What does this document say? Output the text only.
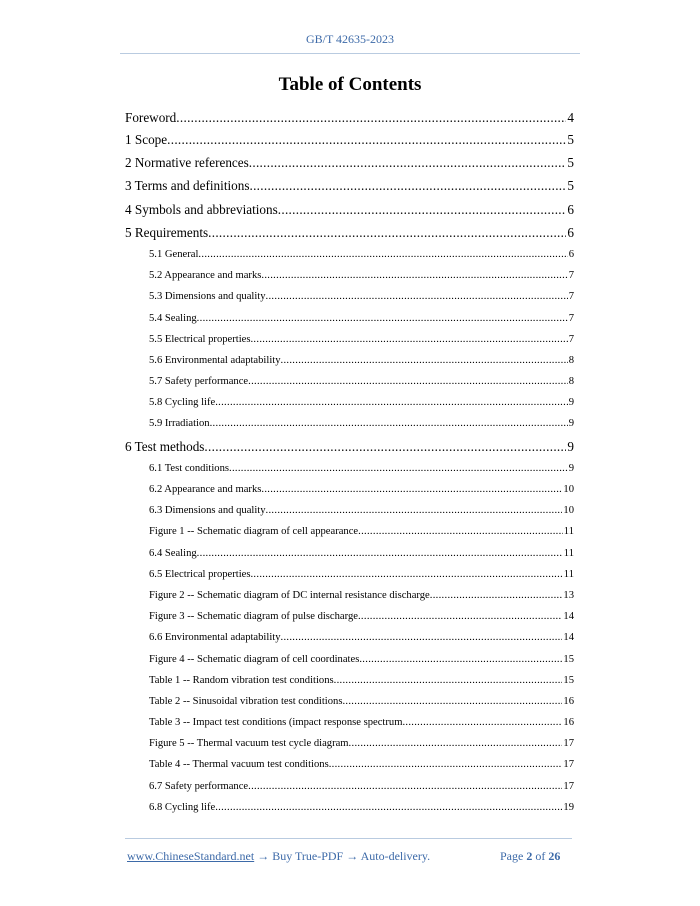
GB/T 42635-2023
Table of Contents
Foreword .....	4
1 Scope .....	5
2 Normative references .....	5
3 Terms and definitions .....	5
4 Symbols and abbreviations .....	6
5 Requirements .....	6
5.1 General .....	6
5.2 Appearance and marks .....	7
5.3 Dimensions and quality .....	7
5.4 Sealing .....	7
5.5 Electrical properties .....	7
5.6 Environmental adaptability .....	8
5.7 Safety performance .....	8
5.8 Cycling life .....	9
5.9 Irradiation .....	9
6 Test methods .....	9
6.1 Test conditions .....	9
6.2 Appearance and marks .....	10
6.3 Dimensions and quality .....	10
Figure 1 -- Schematic diagram of cell appearance .....	11
6.4 Sealing .....	11
6.5 Electrical properties .....	11
Figure 2 -- Schematic diagram of DC internal resistance discharge .....	13
Figure 3 -- Schematic diagram of pulse discharge .....	14
6.6 Environmental adaptability .....	14
Figure 4 -- Schematic diagram of cell coordinates .....	15
Table 1 -- Random vibration test conditions .....	15
Table 2 -- Sinusoidal vibration test conditions .....	16
Table 3 -- Impact test conditions (impact response spectrum .....	16
Figure 5 -- Thermal vacuum test cycle diagram .....	17
Table 4 -- Thermal vacuum test conditions .....	17
6.7 Safety performance .....	17
6.8 Cycling life .....	19
www.ChineseStandard.net → Buy True-PDF → Auto-delivery.	Page 2 of 26
